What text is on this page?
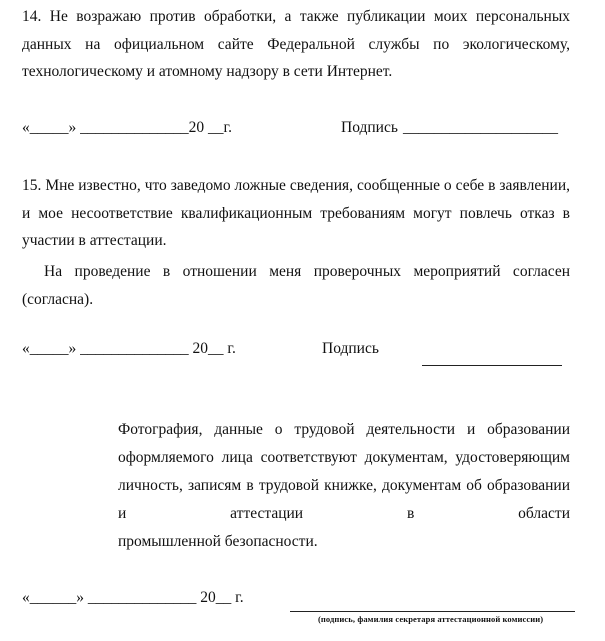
14. Не возражаю против обработки, а также публикации моих персональных данных на официальном сайте Федеральной службы по экологическому, технологическому и атомному надзору в сети Интернет.
«_____» ______________20 __г.	Подпись ____________________
15. Мне известно, что заведомо ложные сведения, сообщенные о себе в заявлении, и мое несоответствие квалификационным требованиям могут повлечь отказ в участии в аттестации.
На проведение в отношении меня проверочных мероприятий согласен (согласна).
«_____» ______________ 20__ г.	Подпись
Фотография, данные о трудовой деятельности и образовании оформляемого лица соответствуют документам, удостоверяющим личность, записям в трудовой книжке, документам об образовании и аттестации в области
промышленной безопасности.
«______» ______________ 20__ г.
(подпись, фамилия секретаря аттестационной комиссии)
